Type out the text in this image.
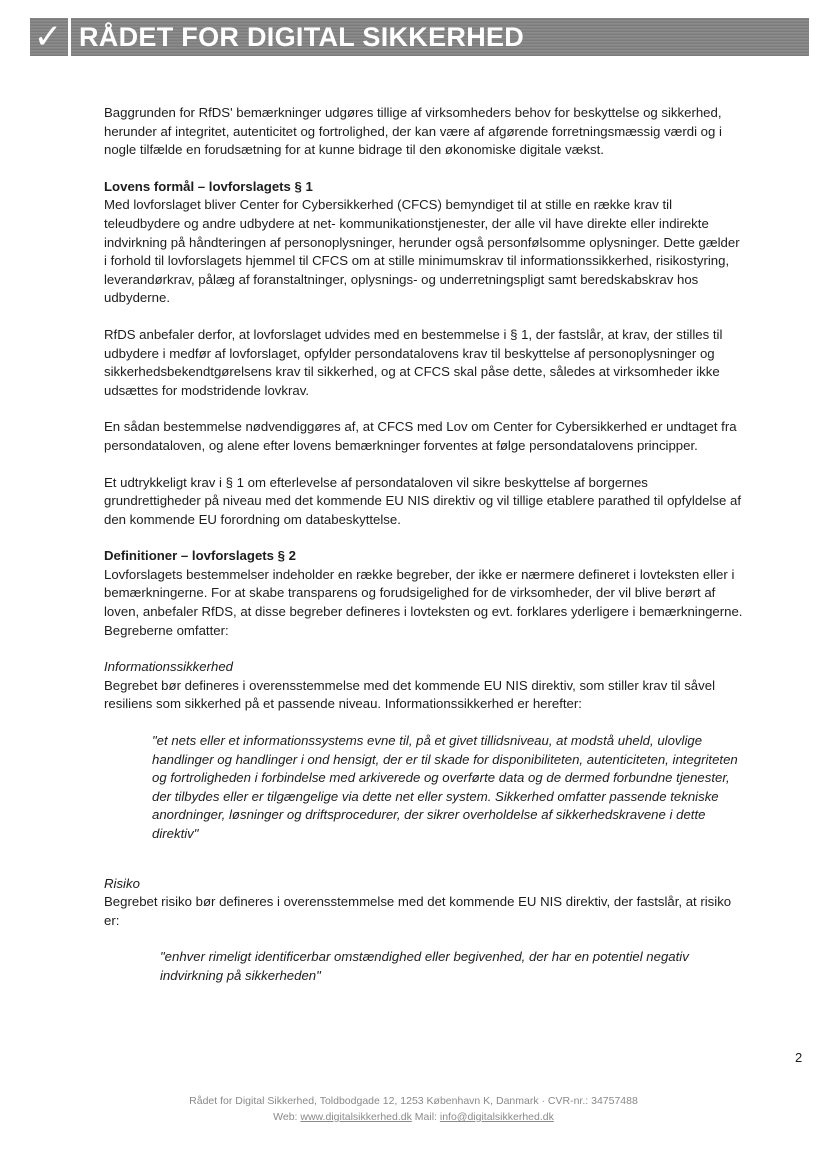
✓ RÅDET FOR DIGITAL SIKKERHED

Baggrunden for RfDS' bemærkninger udgøres tillige af virksomheders behov for beskyttelse og sikkerhed, herunder af integritet, autenticitet og fortrolighed, der kan være af afgørende forretningsmæssig værdi og i nogle tilfælde en forudsætning for at kunne bidrage til den økonomiske digitale vækst.

Lovens formål – lovforslagets § 1

Med lovforslaget bliver Center for Cybersikkerhed (CFCS) bemyndiget til at stille en række krav til teleudbydere og andre udbydere at net- kommunikationstjenester, der alle vil have direkte eller indirekte indvirkning på håndteringen af personoplysninger, herunder også personfølsomme oplysninger. Dette gælder i forhold til lovforslagets hjemmel til CFCS om at stille minimumskrav til informationssikkerhed, risikostyring, leverandørkrav, pålæg af foranstaltninger, oplysnings- og underretningspligt samt beredskabskrav hos udbyderne.

RfDS anbefaler derfor, at lovforslaget udvides med en bestemmelse i § 1, der fastslår, at krav, der stilles til udbydere i medfør af lovforslaget, opfylder persondatalovens krav til beskyttelse af personoplysninger og sikkerhedsbekendtgørelsens krav til sikkerhed, og at CFCS skal påse dette, således at virksomheder ikke udsættes for modstridende lovkrav.

En sådan bestemmelse nødvendiggøres af, at CFCS med Lov om Center for Cybersikkerhed er undtaget fra persondataloven, og alene efter lovens bemærkninger forventes at følge persondatalovens principper.

Et udtrykkeligt krav i § 1 om efterlevelse af persondataloven vil sikre beskyttelse af borgernes grundrettigheder på niveau med det kommende EU NIS direktiv og vil tillige etablere parathed til opfyldelse af den kommende EU forordning om databeskyttelse.

Definitioner – lovforslagets § 2

Lovforslagets bestemmelser indeholder en række begreber, der ikke er nærmere defineret i lovteksten eller i bemærkningerne. For at skabe transparens og forudsigelighed for de virksomheder, der vil blive berørt af loven, anbefaler RfDS, at disse begreber defineres i lovteksten og evt. forklares yderligere i bemærkningerne. Begreberne omfatter:

Informationssikkerhed

Begrebet bør defineres i overensstemmelse med det kommende EU NIS direktiv, som stiller krav til såvel resiliens som sikkerhed på et passende niveau. Informationssikkerhed er herefter:

"et nets eller et informationssystems evne til, på et givet tillidsniveau, at modstå uheld, ulovlige handlinger og handlinger i ond hensigt, der er til skade for disponibiliteten, autenticiteten, integriteten og fortroligheden i forbindelse med arkiverede og overførte data og de dermed forbundne tjenester, der tilbydes eller er tilgængelige via dette net eller system. Sikkerhed omfatter passende tekniske anordninger, løsninger og driftsprocedurer, der sikrer overholdelse af sikkerhedskravene i dette direktiv"

Risiko

Begrebet risiko bør defineres i overensstemmelse med det kommende EU NIS direktiv, der fastslår, at risiko er:

"enhver rimeligt identificerbar omstændighed eller begivenhed, der har en potentiel negativ indvirkning på sikkerheden"

2
Rådet for Digital Sikkerhed, Toldbodgade 12, 1253 København K, Danmark · CVR-nr.: 34757488
Web: www.digitalsikkerhed.dk Mail: info@digitalsikkerhed.dk
